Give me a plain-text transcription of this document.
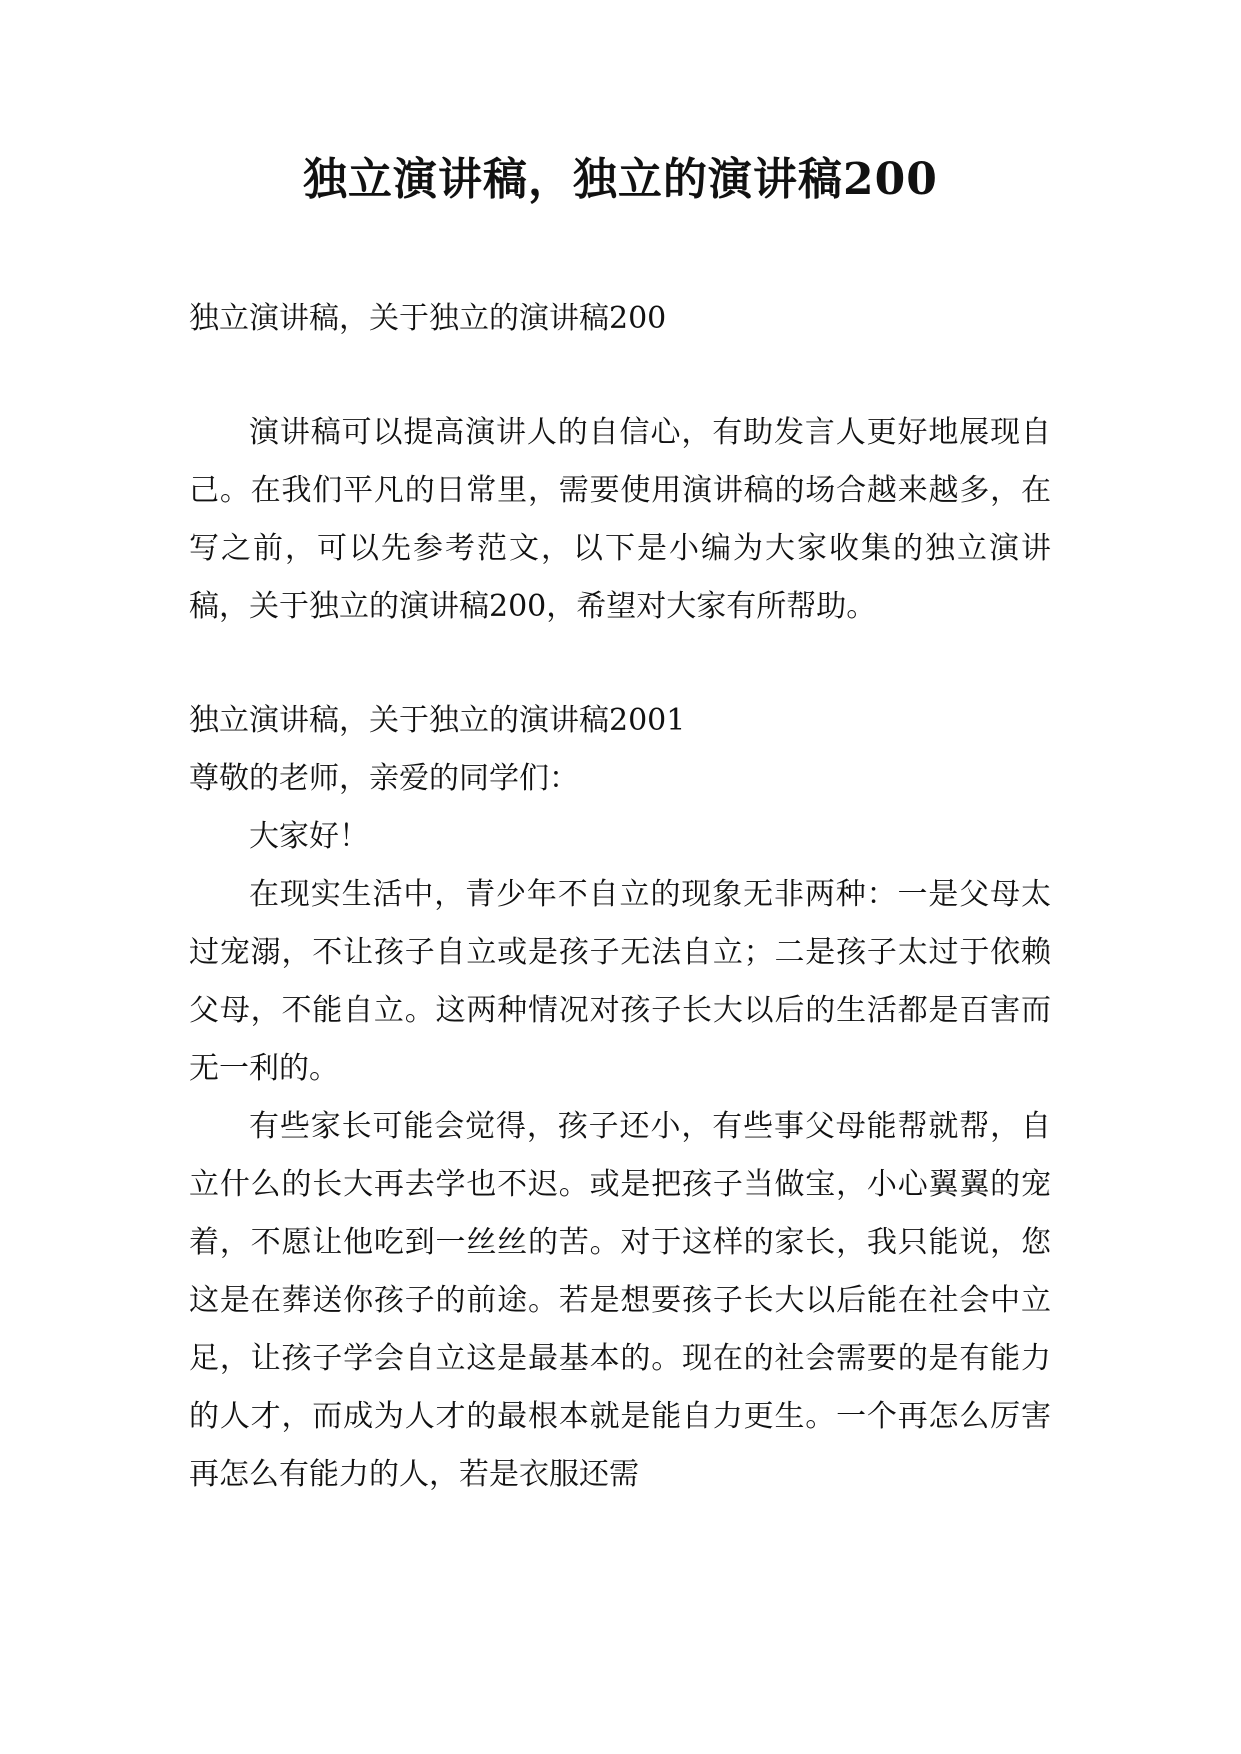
独立演讲稿，独立的演讲稿200

独立演讲稿，关于独立的演讲稿200

演讲稿可以提高演讲人的自信心，有助发言人更好地展现自己。在我们平凡的日常里，需要使用演讲稿的场合越来越多，在写之前，可以先参考范文，以下是小编为大家收集的独立演讲稿，关于独立的演讲稿200，希望对大家有所帮助。

独立演讲稿，关于独立的演讲稿2001

尊敬的老师，亲爱的同学们：

大家好！

在现实生活中，青少年不自立的现象无非两种：一是父母太过宠溺，不让孩子自立或是孩子无法自立；二是孩子太过于依赖父母，不能自立。这两种情况对孩子长大以后的生活都是百害而无一利的。

有些家长可能会觉得，孩子还小，有些事父母能帮就帮，自立什么的长大再去学也不迟。或是把孩子当做宝，小心翼翼的宠着，不愿让他吃到一丝丝的苦。对于这样的家长，我只能说，您这是在葬送你孩子的前途。若是想要孩子长大以后能在社会中立足，让孩子学会自立这是最基本的。现在的社会需要的是有能力的人才，而成为人才的最根本就是能自力更生。一个再怎么厉害再怎么有能力的人，若是衣服还需
